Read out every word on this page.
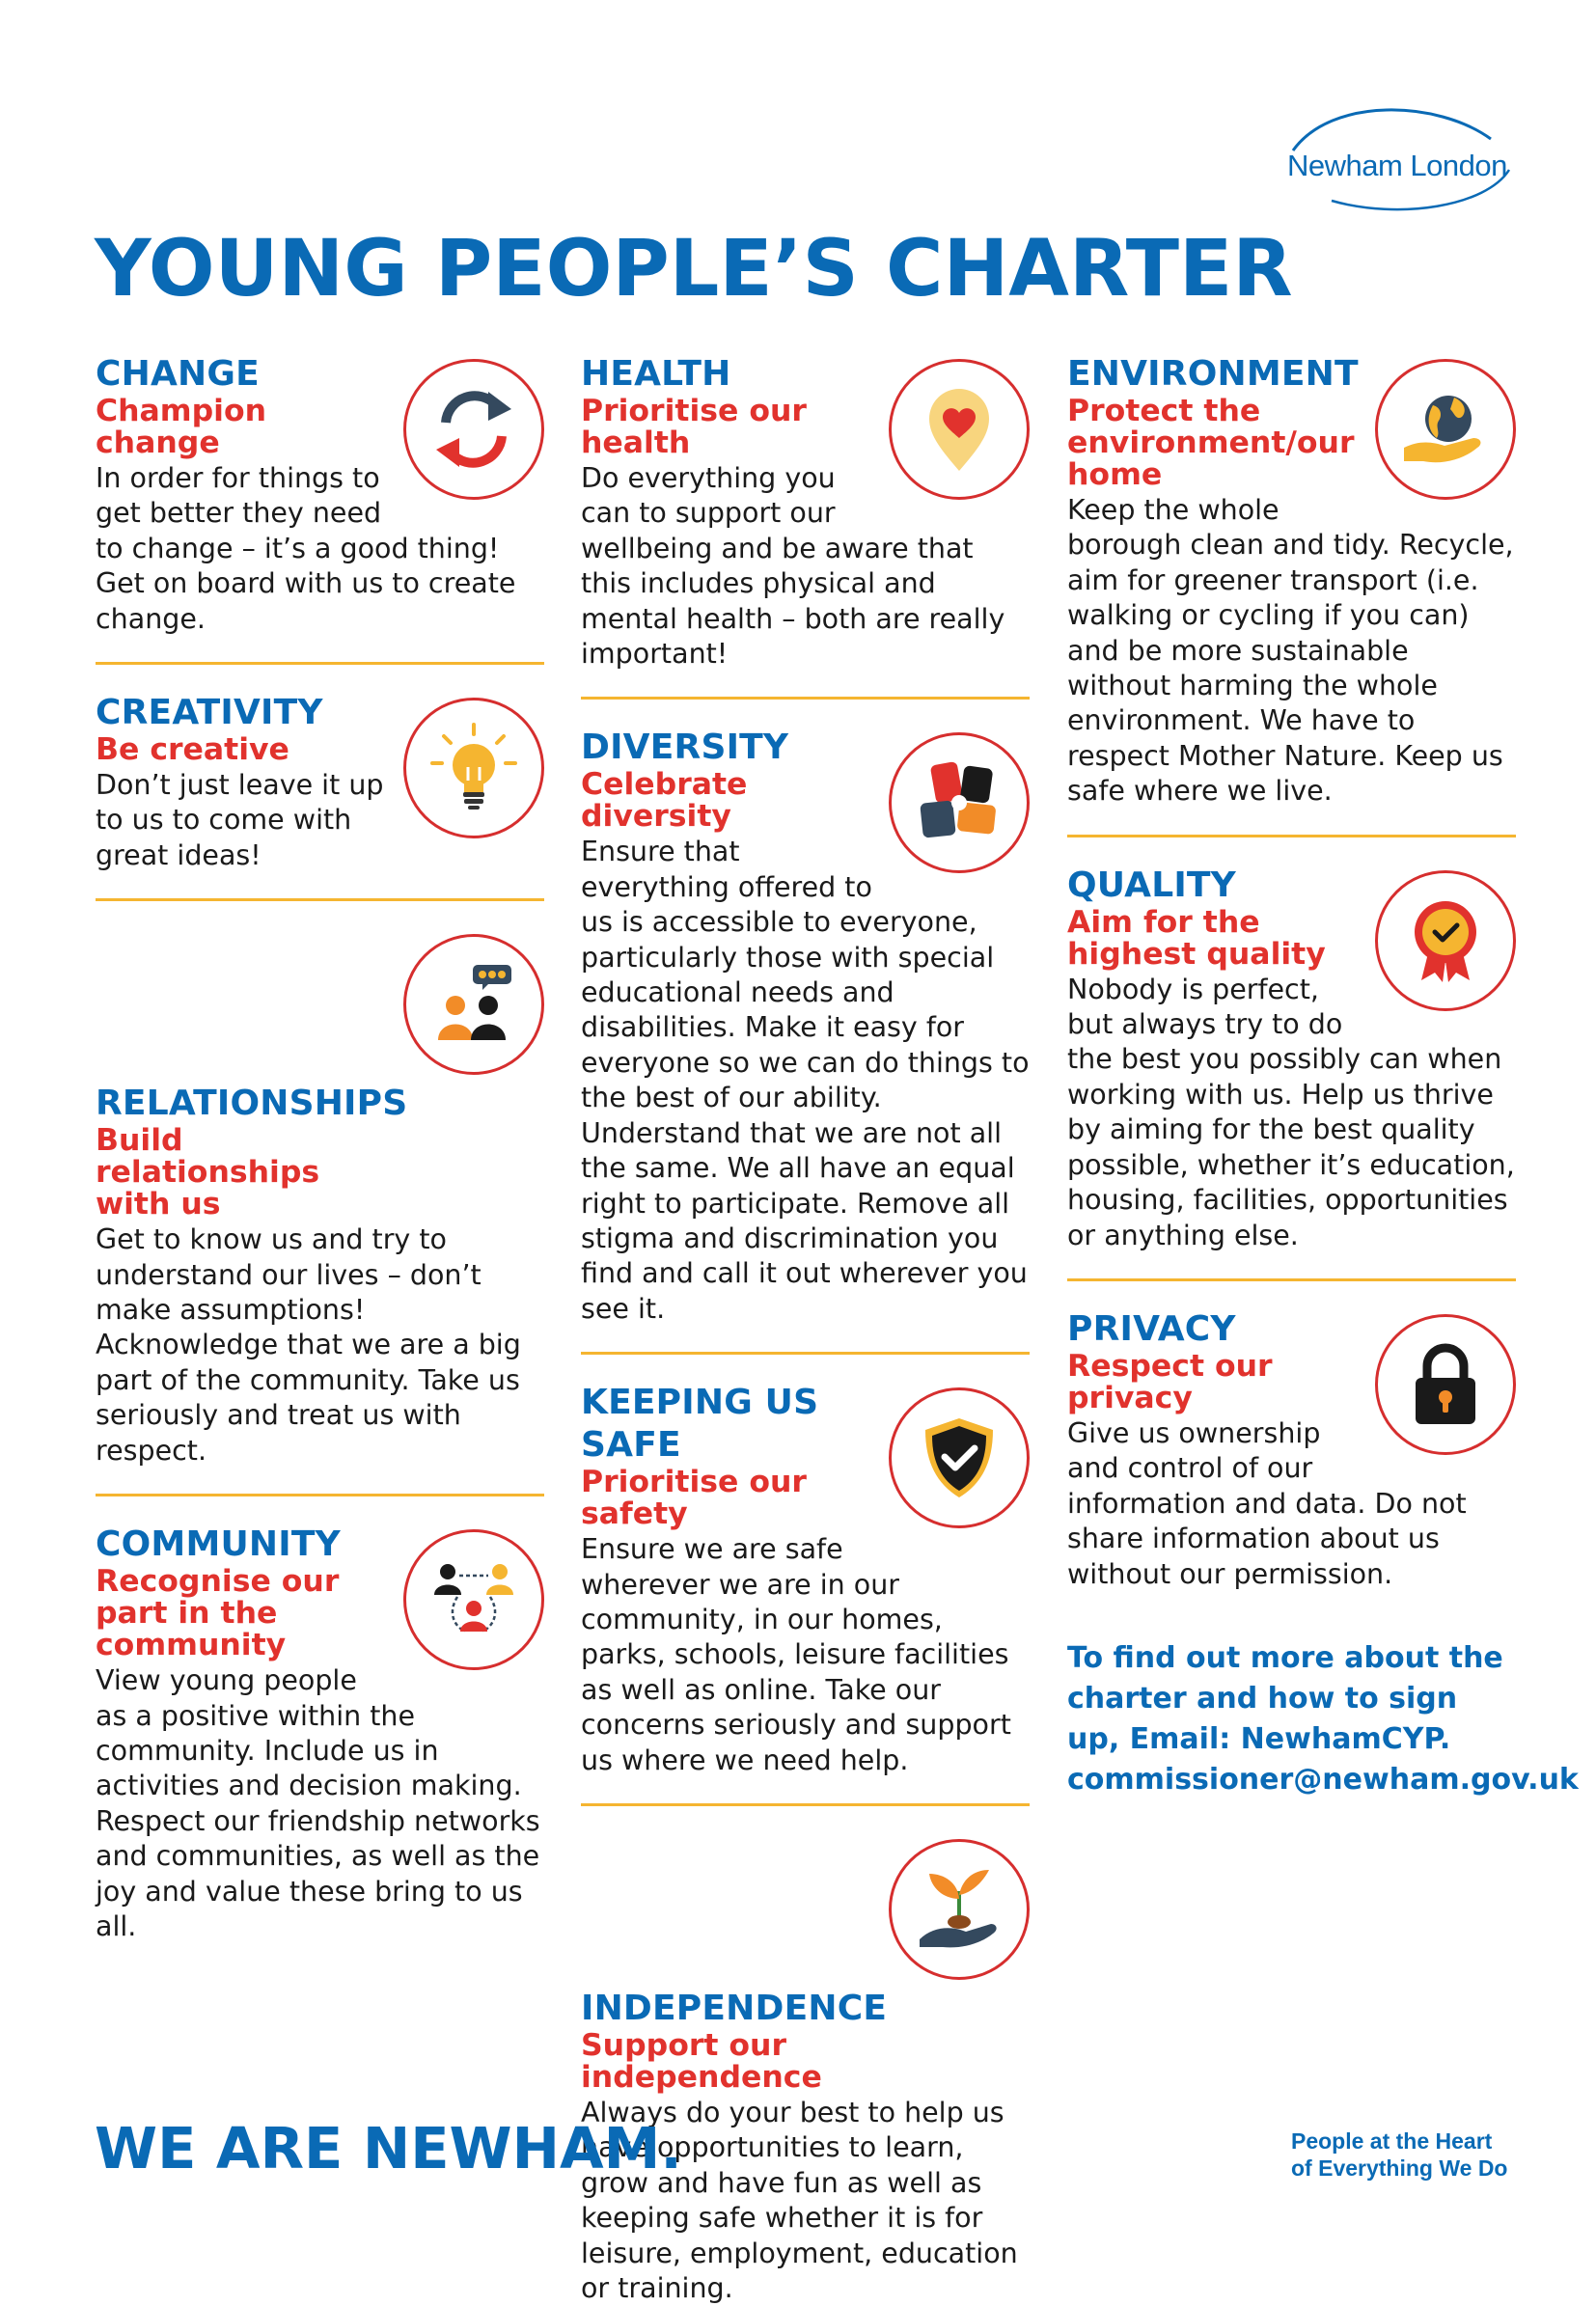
Newham London
YOUNG PEOPLE’S CHARTER
CHANGE

Champion change

In order for things to get better they need to change – it’s a good thing! Get on board with us to create change.

CREATIVITY

Be creative

Don’t just leave it up to us to come with great ideas!

RELATIONSHIPS

Build relationships with us

Get to know us and try to understand our lives – don’t make assumptions! Acknowledge that we are a big part of the community. Take us seriously and treat us with respect.

COMMUNITY

Recognise our part in the community

View young people as a positive within the community. Include us in activities and decision making. Respect our friendship networks and communities, as well as the joy and value these bring to us all.

HEALTH

Prioritise our health

Do everything you can to support our wellbeing and be aware that this includes physical and mental health – both are really important!

DIVERSITY

Celebrate diversity

Ensure that everything offered to us is accessible to everyone, particularly those with special educational needs and disabilities. Make it easy for everyone so we can do things to the best of our ability. Understand that we are not all the same. We all have an equal right to participate. Remove all stigma and discrimination you find and call it out wherever you see it.

KEEPING US SAFE

Prioritise our safety

Ensure we are safe wherever we are in our community, in our homes, parks, schools, leisure facilities as well as online. Take our concerns seriously and support us where we need help.

INDEPENDENCE

Support our independence

Always do your best to help us have opportunities to learn, grow and have fun as well as keeping safe whether it is for leisure, employment, education or training.

ENVIRONMENT

Protect the environment/our home

Keep the whole borough clean and tidy. Recycle, aim for greener transport (i.e. walking or cycling if you can) and be more sustainable without harming the whole environment. We have to respect Mother Nature. Keep us safe where we live.

QUALITY

Aim for the highest quality

Nobody is perfect, but always try to do the best you possibly can when working with us. Help us thrive by aiming for the best quality possible, whether it’s education, housing, facilities, opportunities or anything else.

PRIVACY

Respect our privacy

Give us ownership and control of our information and data. Do not share information about us without our permission.

To find out more about the charter and how to sign up, Email: NewhamCYP. commissioner@newham.gov.uk

WE ARE NEWHAM.	People at the Heart
of Everything We Do
